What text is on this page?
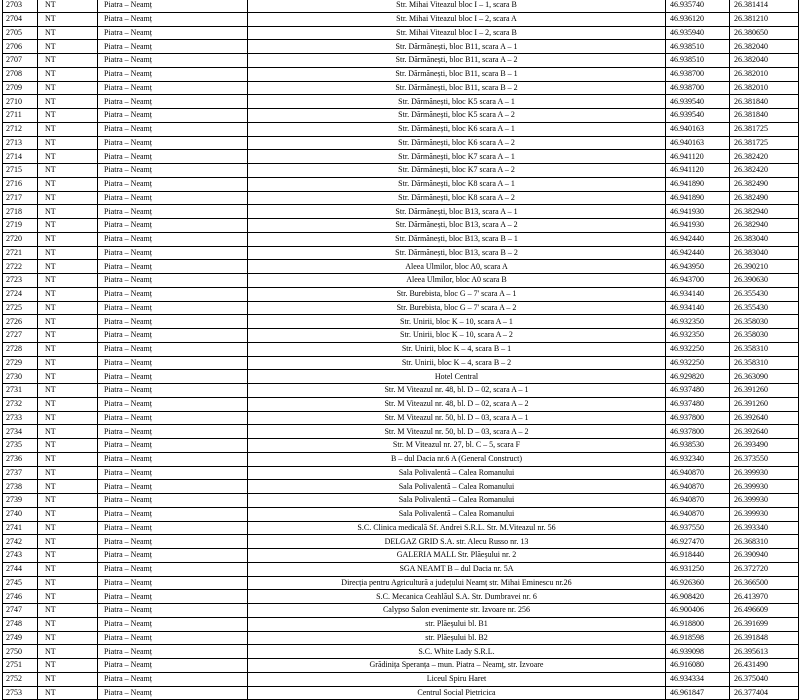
2703	NT	Piatra – Neamț	Str. Mihai Viteazul bloc I – 1, scara B	46.935740	26.381414
2704	NT	Piatra – Neamț	Str. Mihai Viteazul bloc I – 2, scara A	46.936120	26.381210
2705	NT	Piatra – Neamț	Str. Mihai Viteazul bloc I – 2, scara B	46.935940	26.380650
2706	NT	Piatra – Neamț	Str. Dărmănești, bloc B11, scara A – 1	46.938510	26.382040
2707	NT	Piatra – Neamț	Str. Dărmănești, bloc B11, scara A – 2	46.938510	26.382040
2708	NT	Piatra – Neamț	Str. Dărmănești, bloc B11, scara B – 1	46.938700	26.382010
2709	NT	Piatra – Neamț	Str. Dărmănești, bloc B11, scara B – 2	46.938700	26.382010
2710	NT	Piatra – Neamț	Str. Dărmănești, bloc K5 scara A – 1	46.939540	26.381840
2711	NT	Piatra – Neamț	Str. Dărmănești, bloc K5 scara A – 2	46.939540	26.381840
2712	NT	Piatra – Neamț	Str. Dărmănești, bloc K6 scara A – 1	46.940163	26.381725
2713	NT	Piatra – Neamț	Str. Dărmănești, bloc K6 scara A – 2	46.940163	26.381725
2714	NT	Piatra – Neamț	Str. Dărmănești, bloc K7 scara A – 1	46.941120	26.382420
2715	NT	Piatra – Neamț	Str. Dărmănești, bloc K7 scara A – 2	46.941120	26.382420
2716	NT	Piatra – Neamț	Str. Dărmănești, bloc K8 scara A – 1	46.941890	26.382490
2717	NT	Piatra – Neamț	Str. Dărmănești, bloc K8 scara A – 2	46.941890	26.382490
2718	NT	Piatra – Neamț	Str. Dărmănești, bloc B13, scara A – 1	46.941930	26.382940
2719	NT	Piatra – Neamț	Str. Dărmănești, bloc B13, scara A – 2	46.941930	26.382940
2720	NT	Piatra – Neamț	Str. Dărmănești, bloc B13, scara B – 1	46.942440	26.383040
2721	NT	Piatra – Neamț	Str. Dărmănești, bloc B13, scara B – 2	46.942440	26.383040
2722	NT	Piatra – Neamț	Aleea Ulmilor, bloc A0, scara A	46.943950	26.390210
2723	NT	Piatra – Neamț	Aleea Ulmilor, bloc A0 scara B	46.943700	26.390630
2724	NT	Piatra – Neamț	Str. Burebista, bloc G – 7' scara A – 1	46.934140	26.355430
2725	NT	Piatra – Neamț	Str. Burebista, bloc G – 7' scara A – 2	46.934140	26.355430
2726	NT	Piatra – Neamț	Str. Unirii, bloc K – 10, scara A – 1	46.932350	26.358030
2727	NT	Piatra – Neamț	Str. Unirii, bloc K – 10, scara A – 2	46.932350	26.358030
2728	NT	Piatra – Neamț	Str. Unirii, bloc K – 4, scara B – 1	46.932250	26.358310
2729	NT	Piatra – Neamț	Str. Unirii, bloc K – 4, scara B – 2	46.932250	26.358310
2730	NT	Piatra – Neamț	Hotel Central	46.929820	26.363090
2731	NT	Piatra – Neamț	Str. M Viteazul nr. 48, bl. D – 02, scara A – 1	46.937480	26.391260
2732	NT	Piatra – Neamț	Str. M Viteazul nr. 48, bl. D – 02, scara A – 2	46.937480	26.391260
2733	NT	Piatra – Neamț	Str. M Viteazul nr. 50, bl. D – 03, scara A – 1	46.937800	26.392640
2734	NT	Piatra – Neamț	Str. M Viteazul nr. 50, bl. D – 03, scara A – 2	46.937800	26.392640
2735	NT	Piatra – Neamț	Str. M Viteazul nr. 27, bl. C – 5, scara F	46.938530	26.393490
2736	NT	Piatra – Neamț	B – dul Dacia nr.6 A (General Construct)	46.932340	26.373550
2737	NT	Piatra – Neamț	Sala Polivalentă – Calea Romanului	46.940870	26.399930
2738	NT	Piatra – Neamț	Sala Polivalentă – Calea Romanului	46.940870	26.399930
2739	NT	Piatra – Neamț	Sala Polivalentă – Calea Romanului	46.940870	26.399930
2740	NT	Piatra – Neamț	Sala Polivalentă – Calea Romanului	46.940870	26.399930
2741	NT	Piatra – Neamț	S.C. Clinica medicală Sf. Andrei S.R.L. Str. M.Viteazul nr. 56	46.937550	26.393340
2742	NT	Piatra – Neamț	DELGAZ GRID S.A. str. Alecu Russo nr. 13	46.927470	26.368310
2743	NT	Piatra – Neamț	GALERIA MALL Str. Plăeșului nr. 2	46.918440	26.390940
2744	NT	Piatra – Neamț	SGA NEAMT B – dul Dacia nr. 5A	46.931250	26.372720
2745	NT	Piatra – Neamț	Direcția pentru Agricultură a județului Neamț str. Mihai Eminescu nr.26	46.926360	26.366500
2746	NT	Piatra – Neamț	S.C. Mecanica Ceahlăul S.A. Str. Dumbravei nr. 6	46.908420	26.413970
2747	NT	Piatra – Neamț	Calypso Salon evenimente str. Izvoare nr. 256	46.900406	26.496609
2748	NT	Piatra – Neamț	str. Plăeșului bl. B1	46.918800	26.391699
2749	NT	Piatra – Neamț	str. Plăeșului bl. B2	46.918598	26.391848
2750	NT	Piatra – Neamț	S.C. White Lady S.R.L.	46.939098	26.395613
2751	NT	Piatra – Neamț	Grădinița Speranța – mun. Piatra – Neamț, str. Izvoare	46.916080	26.431490
2752	NT	Piatra – Neamț	Liceul Spiru Haret	46.934334	26.375040
2753	NT	Piatra – Neamț	Centrul Social Pietricica	46.961847	26.377404
